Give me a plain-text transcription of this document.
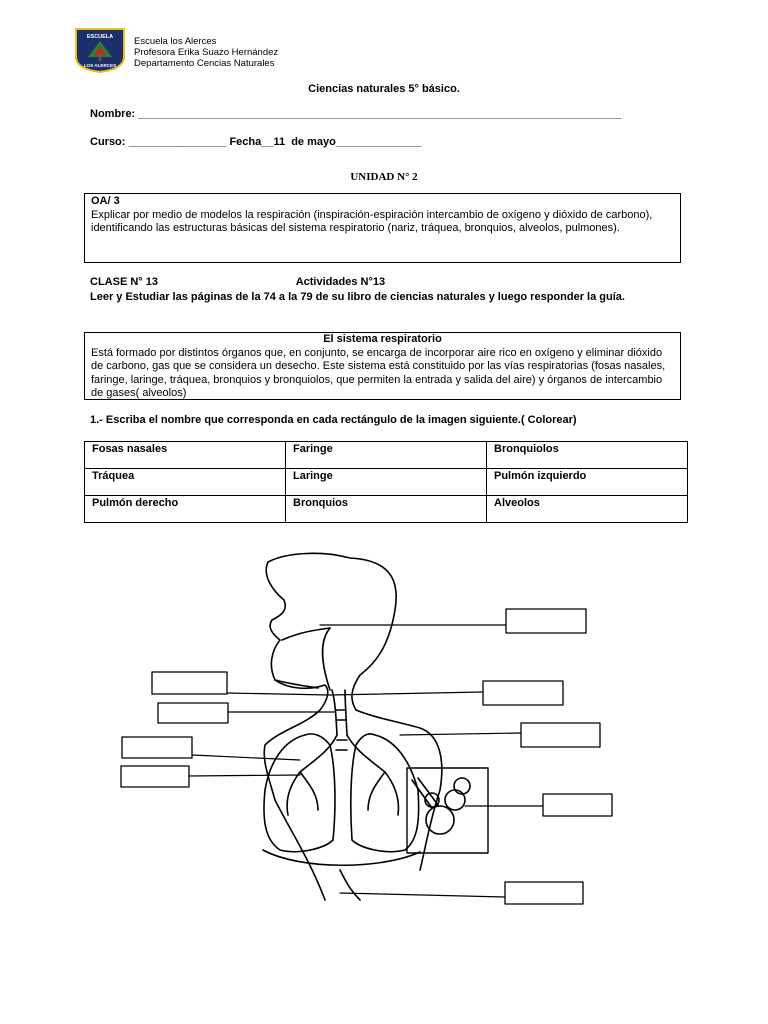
ESCUELA
LOS ALERCES
Escuela los Alerces
Profesora Erika Suazo Hernández
Departamento Cencias Naturales
Ciencias naturales 5° básico.
Nombre: _______________________________________________________________________________
Curso: ________________ Fecha__11  de mayo______________
UNIDAD N° 2
OA/ 3
Explicar por medio de modelos la respiración (inspiración-espiración intercambio de oxígeno y dióxido de carbono), identificando las estructuras básicas del sistema respiratorio (nariz, tráquea, bronquios, alveolos, pulmones).
CLASE N° 13	Actividades N°13
Leer y Estudiar las páginas de la 74 a la 79 de su libro de ciencias naturales y luego responder la guía.
El sistema respiratorio
Está formado por distintos órganos que, en conjunto, se encarga de incorporar aire rico en oxígeno y eliminar dióxido de carbono, gas que se considera un desecho. Este sistema está constituido por las vías respiratorias (fosas nasales, faringe, laringe, tráquea, bronquios y bronquiolos, que permiten la entrada y salida del aire) y órganos de intercambio de gases( alveolos)
1.- Escriba el nombre que corresponda en cada rectángulo de la imagen siguiente.( Colorear)
Fosas nasales	Faringe	Bronquiolos
Tráquea	Laringe	Pulmón izquierdo
Pulmón derecho	Bronquios	Alveolos
